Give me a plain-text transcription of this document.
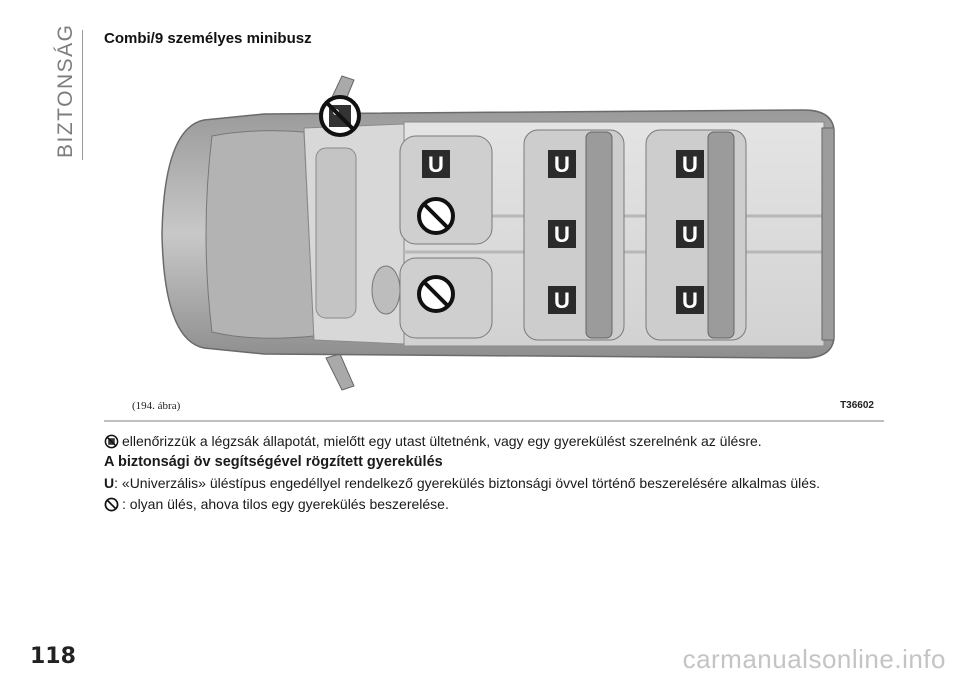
BIZTONSÁG Combi/9 személyes minibusz
U	U
U
U
U
U
U
(194. ábra)	T36602
ellenőrizzük a légzsák állapotát, mielőtt egy utast ültetnénk, vagy egy gyerekülést szerelnénk az ülésre.
A biztonsági öv segítségével rögzített gyerekülés
U: «Univerzális» üléstípus engedéllyel rendelkező gyerekülés biztonsági övvel történő beszerelésére alkalmas ülés.
: olyan ülés, ahova tilos egy gyerekülés beszerelése.
118	carmanualsonline.info
